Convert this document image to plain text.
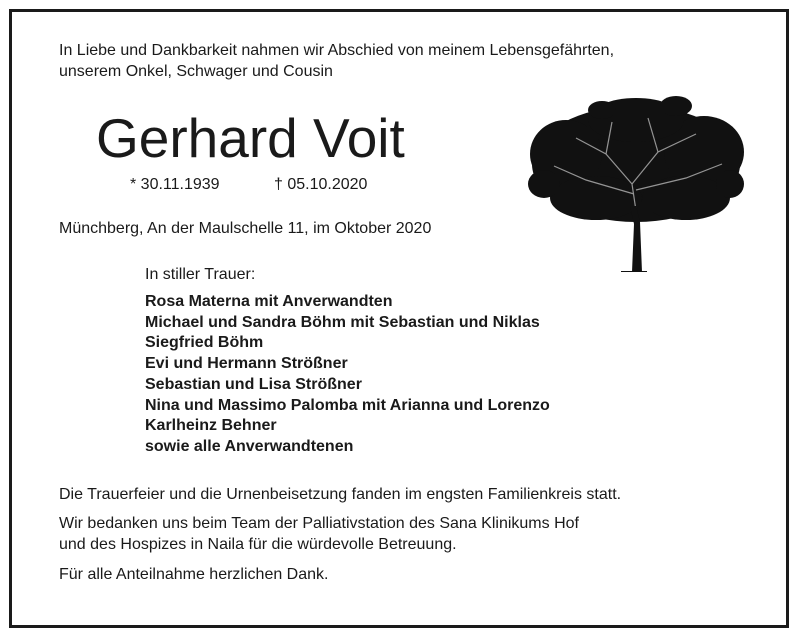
In Liebe und Dankbarkeit nahmen wir Abschied von meinem Lebensgefährten,
unserem Onkel, Schwager und Cousin

Gerhard Voit

* 30.11.1939	† 05.10.2020

Münchberg, An der Maulschelle 11, im Oktober 2020

In stiller Trauer:

Rosa Materna mit Anverwandten
Michael und Sandra Böhm mit Sebastian und Niklas
Siegfried Böhm
Evi und Hermann Strößner
Sebastian und Lisa Strößner
Nina und Massimo Palomba mit Arianna und Lorenzo
Karlheinz Behner
sowie alle Anverwandtenen

Die Trauerfeier und die Urnenbeisetzung fanden im engsten Familienkreis statt.

Wir bedanken uns beim Team der Palliativstation des Sana Klinikums Hof
und des Hospizes in Naila für die würdevolle Betreuung.

Für alle Anteilnahme herzlichen Dank.
